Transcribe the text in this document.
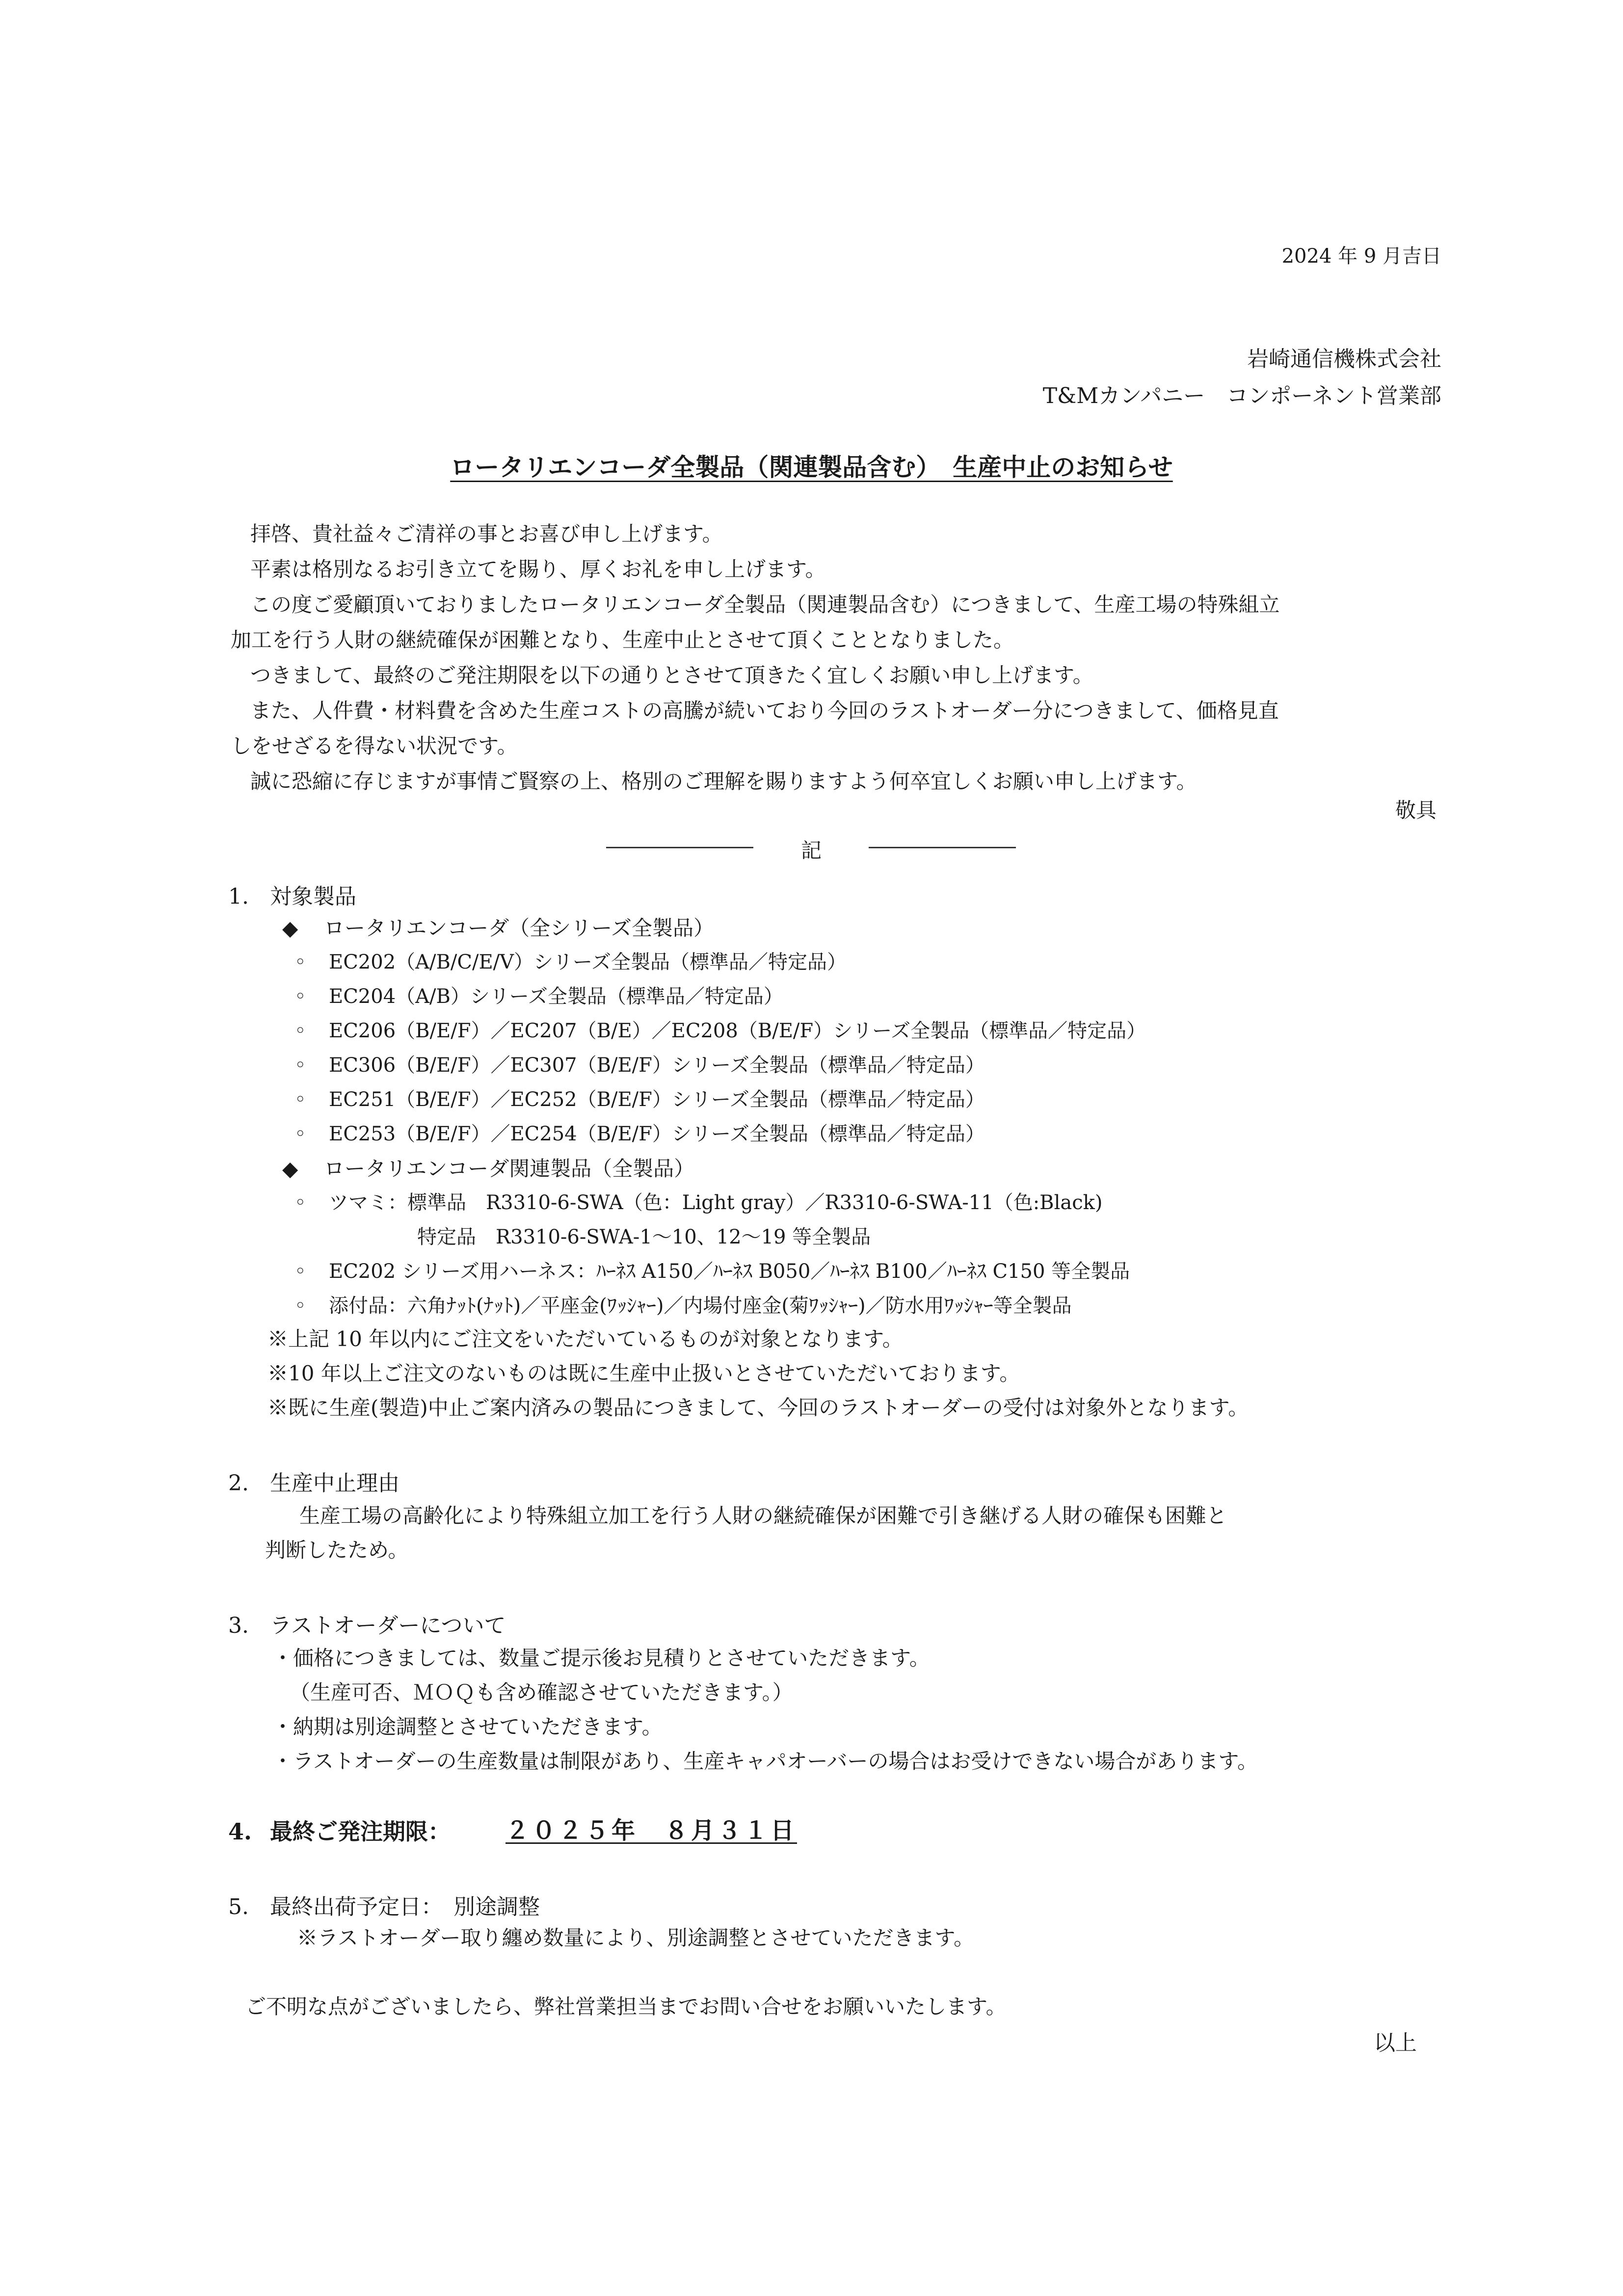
2024 年 9 月吉日
岩崎通信機株式会社
T&Mカンパニー　コンポーネント営業部
ロータリエンコーダ全製品（関連製品含む）　生産中止のお知らせ

拝啓、貴社益々ご清祥の事とお喜び申し上げます。

平素は格別なるお引き立てを賜り、厚くお礼を申し上げます。

この度ご愛顧頂いておりましたロータリエンコーダ全製品（関連製品含む）につきまして、生産工場の特殊組立

加工を行う人財の継続確保が困難となり、生産中止とさせて頂くこととなりました。

つきまして、最終のご発注期限を以下の通りとさせて頂きたく宜しくお願い申し上げます。

また、人件費・材料費を含めた生産コストの高騰が続いており今回のラストオーダー分につきまして、価格見直

しをせざるを得ない状況です。

誠に恐縮に存じますが事情ご賢察の上、格別のご理解を賜りますよう何卒宜しくお願い申し上げます。

敬具
記
1. 対象製品
◆ ロータリエンコーダ（全シリーズ全製品）
◦ EC202（A/B/C/E/V）シリーズ全製品（標準品／特定品）
◦ EC204（A/B）シリーズ全製品（標準品／特定品）
◦ EC206（B/E/F）／EC207（B/E）／EC208（B/E/F）シリーズ全製品（標準品／特定品）
◦ EC306（B/E/F）／EC307（B/E/F）シリーズ全製品（標準品／特定品）
◦ EC251（B/E/F）／EC252（B/E/F）シリーズ全製品（標準品／特定品）
◦ EC253（B/E/F）／EC254（B/E/F）シリーズ全製品（標準品／特定品）
◆ ロータリエンコーダ関連製品（全製品）
◦ ツマミ：標準品　R3310-6-SWA（色：Light gray）／R3310-6-SWA-11（色:Black)
特定品　R3310-6-SWA-1～10、12～19 等全製品
◦ EC202 シリーズ用ハーネス：ﾊｰﾈｽ A150／ﾊｰﾈｽ B050／ﾊｰﾈｽ B100／ﾊｰﾈｽ C150 等全製品
◦ 添付品：六角ﾅｯﾄ(ﾅｯﾄ)／平座金(ﾜｯｼｬｰ)／内場付座金(菊ﾜｯｼｬｰ)／防水用ﾜｯｼｬｰ等全製品
※上記 10 年以内にご注文をいただいているものが対象となります。
※10 年以上ご注文のないものは既に生産中止扱いとさせていただいております。
※既に生産(製造)中止ご案内済みの製品につきまして、今回のラストオーダーの受付は対象外となります。
2. 生産中止理由
生産工場の高齢化により特殊組立加工を行う人財の継続確保が困難で引き継げる人財の確保も困難と
判断したため。
3. ラストオーダーについて
・価格につきましては、数量ご提示後お見積りとさせていただきます。
（生産可否、ＭＯＱも含め確認させていただきます。）
・納期は別途調整とさせていただきます。
・ラストオーダーの生産数量は制限があり、生産キャパオーバーの場合はお受けできない場合があります。
4. 最終ご発注期限： ２０２５年　８月３１日
5. 最終出荷予定日：　別途調整
※ラストオーダー取り纏め数量により、別途調整とさせていただきます。
ご不明な点がございましたら、弊社営業担当までお問い合せをお願いいたします。
以上
